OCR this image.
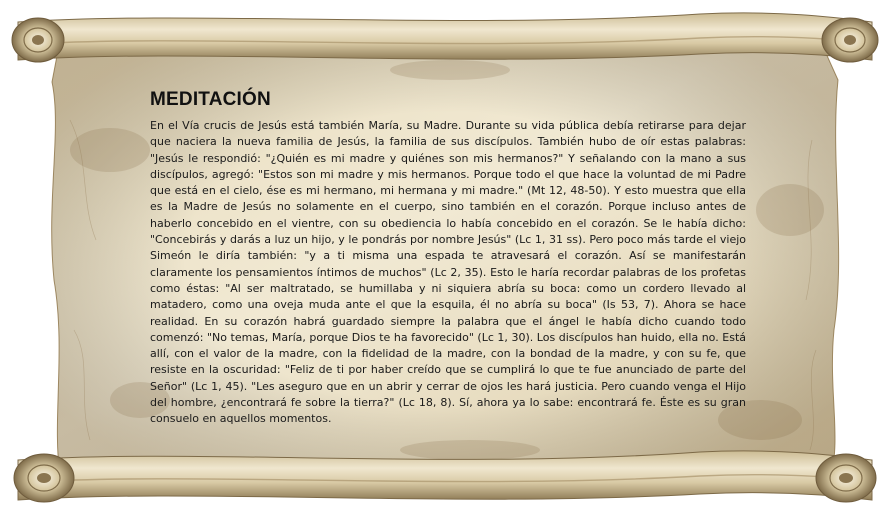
MEDITACIÓN

En el Vía crucis de Jesús está también María, su Madre. Durante su vida pública debía retirarse para dejar que naciera la nueva familia de Jesús, la familia de sus discípulos. También hubo de oír estas palabras: "Jesús le respondió: "¿Quién es mi madre y quiénes son mis hermanos?" Y señalando con la mano a sus discípulos, agregó: "Estos son mi madre y mis hermanos. Porque todo el que hace la voluntad de mi Padre que está en el cielo, ése es mi hermano, mi hermana y mi madre." (Mt 12, 48-50). Y esto muestra que ella es la Madre de Jesús no solamente en el cuerpo, sino también en el corazón. Porque incluso antes de haberlo concebido en el vientre, con su obediencia lo había concebido en el corazón. Se le había dicho: "Concebirás y darás a luz un hijo, y le pondrás por nombre Jesús" (Lc 1, 31 ss). Pero poco más tarde el viejo Simeón le diría también: "y a ti misma una espada te atravesará el corazón. Así se manifestarán claramente los pensamientos íntimos de muchos" (Lc 2, 35). Esto le haría recordar palabras de los profetas como éstas: "Al ser maltratado, se humillaba y ni siquiera abría su boca: como un cordero llevado al matadero, como una oveja muda ante el que la esquila, él no abría su boca" (Is 53, 7). Ahora se hace realidad. En su corazón habrá guardado siempre la palabra que el ángel le había dicho cuando todo comenzó: "No temas, María, porque Dios te ha favorecido" (Lc 1, 30). Los discípulos han huido, ella no. Está allí, con el valor de la madre, con la fidelidad de la madre, con la bondad de la madre, y con su fe, que resiste en la oscuridad: "Feliz de ti por haber creído que se cumplirá lo que te fue anunciado de parte del Señor" (Lc 1, 45). "Les aseguro que en un abrir y cerrar de ojos les hará justicia. Pero cuando venga el Hijo del hombre, ¿encontrará fe sobre la tierra?" (Lc 18, 8). Sí, ahora ya lo sabe: encontrará fe. Éste es su gran consuelo en aquellos momentos.
